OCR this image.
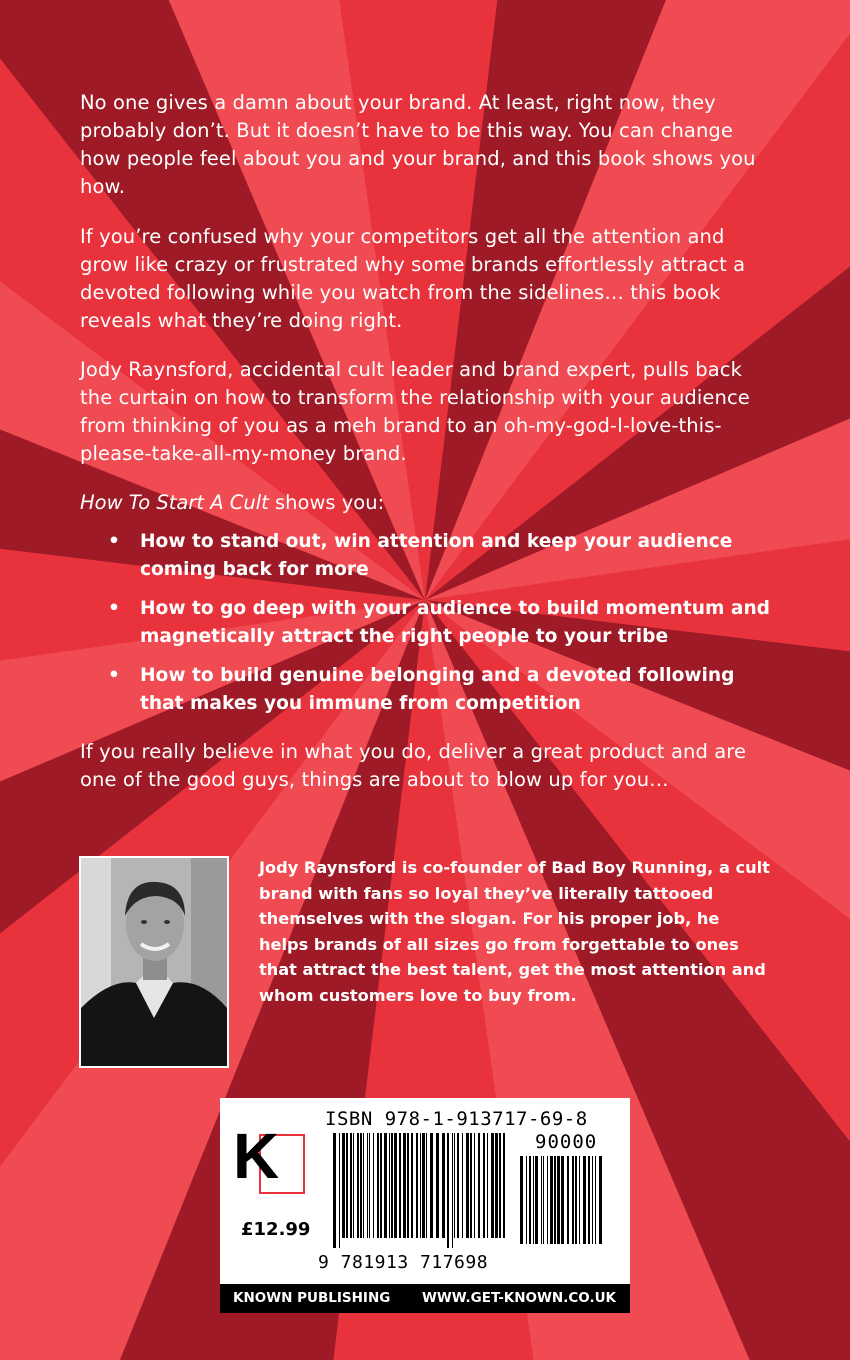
No one gives a damn about your brand. At least, right now, they probably don’t. But it doesn’t have to be this way. You can change how people feel about you and your brand, and this book shows you how.

If you’re confused why your competitors get all the attention and grow like crazy or frustrated why some brands effortlessly attract a devoted following while you watch from the sidelines… this book reveals what they’re doing right.

Jody Raynsford, accidental cult leader and brand expert, pulls back the curtain on how to transform the relationship with your audience from thinking of you as a meh brand to an oh-my-god-I-love-this-please-take-all-my-money brand.

How To Start A Cult shows you:

• How to stand out, win attention and keep your audience coming back for more
• How to go deep with your audience to build momentum and magnetically attract the right people to your tribe
• How to build genuine belonging and a devoted following that makes you immune from competition

If you really believe in what you do, deliver a great product and are one of the good guys, things are about to blow up for you…

Jody Raynsford is co-founder of Bad Boy Running, a cult brand with fans so loyal they’ve literally tattooed themselves with the slogan. For his proper job, he helps brands of all sizes go from forgettable to ones that attract the best talent, get the most attention and whom customers love to buy from.

K
£12.99
ISBN 978-1-913717-69-8
90000
9 781913 717698
KNOWN PUBLISHING WWW.GET-KNOWN.CO.UK
